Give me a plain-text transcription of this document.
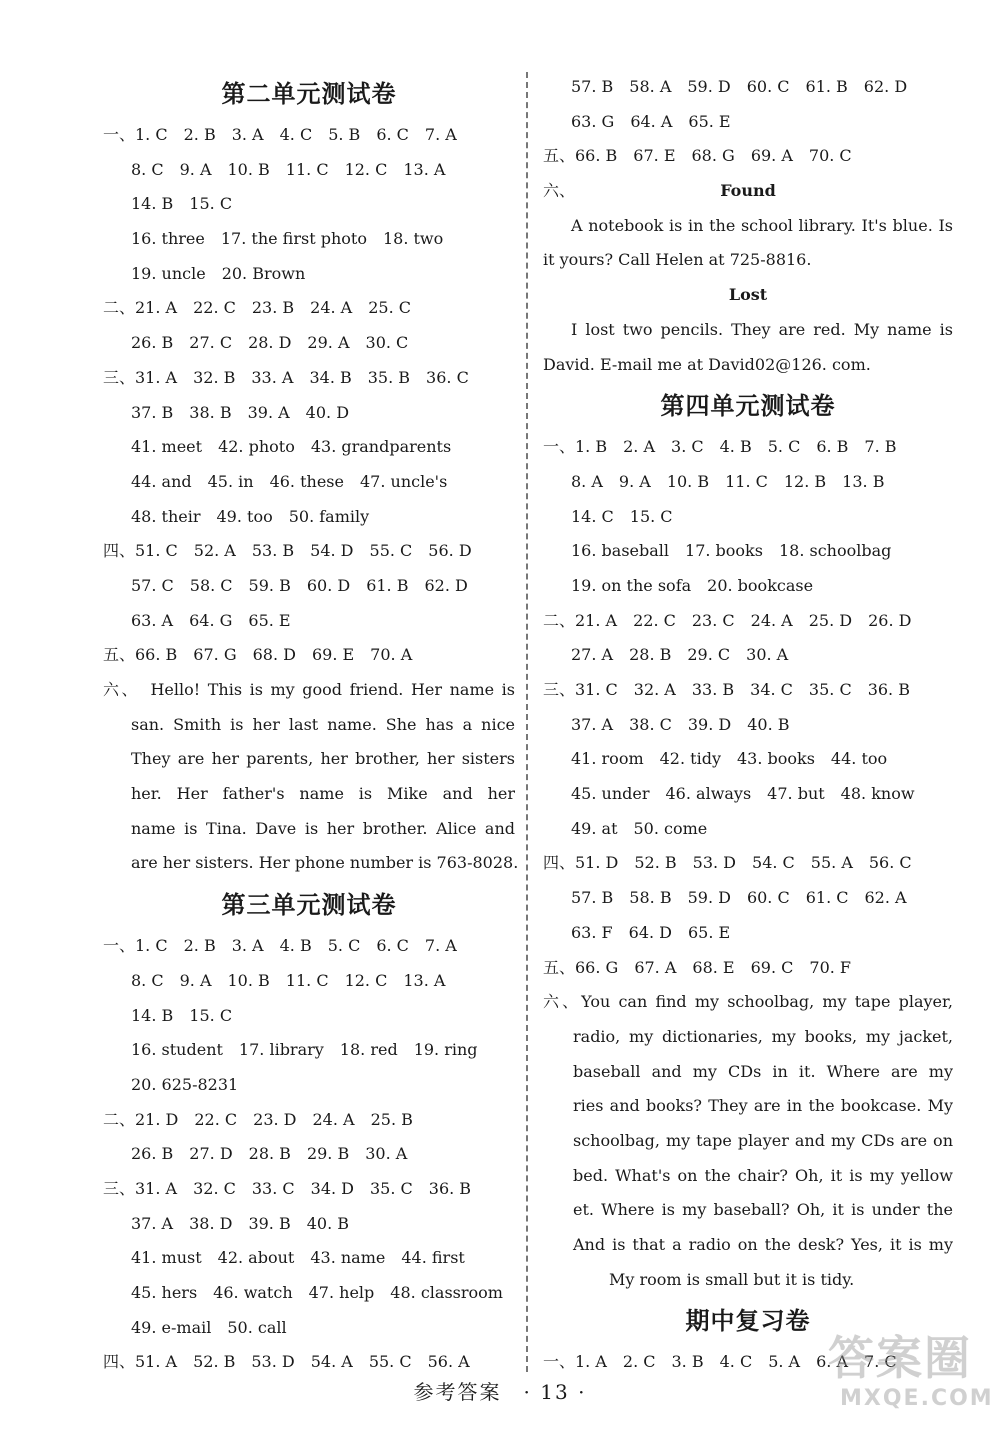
第二单元测试卷
一、1. C　2. B　3. A　4. C　5. B　6. C　7. A
8. C　9. A　10. B　11. C　12. C　13. A
14. B　15. C
16. three　17. the first photo　18. two
19. uncle　20. Brown
二、21. A　22. C　23. B　24. A　25. C
26. B　27. C　28. D　29. A　30. C
三、31. A　32. B　33. A　34. B　35. B　36. C
37. B　38. B　39. A　40. D
41. meet　42. photo　43. grandparents
44. and　45. in　46. these　47. uncle's
48. their　49. too　50. family
四、51. C　52. A　53. B　54. D　55. C　56. D
57. C　58. C　59. B　60. D　61. B　62. D
63. A　64. G　65. E
五、66. B　67. G　68. D　69. E　70. A
六、　Hello! This is my good friend. Her name is
san. Smith is her last name. She has a nice
They are her parents, her brother, her sisters
her. Her father's name is Mike and her
name is Tina. Dave is her brother. Alice and
are her sisters. Her phone number is 763-8028.
第三单元测试卷
一、1. C　2. B　3. A　4. B　5. C　6. C　7. A
8. C　9. A　10. B　11. C　12. C　13. A
14. B　15. C
16. student　17. library　18. red　19. ring
20. 625-8231
二、21. D　22. C　23. D　24. A　25. B
26. B　27. D　28. B　29. B　30. A
三、31. A　32. C　33. C　34. D　35. C　36. B
37. A　38. D　39. B　40. B
41. must　42. about　43. name　44. first
45. hers　46. watch　47. help　48. classroom
49. e-mail　50. call
四、51. A　52. B　53. D　54. A　55. C　56. A
57. B　58. A　59. D　60. C　61. B　62. D
63. G　64. A　65. E
五、66. B　67. E　68. G　69. A　70. C
六、	Found
A notebook is in the school library. It's blue. Is
it yours? Call Helen at 725-8816.
Lost
I lost two pencils. They are red. My name is
David. E-mail me at David02@126. com.
第四单元测试卷
一、1. B　2. A　3. C　4. B　5. C　6. B　7. B
8. A　9. A　10. B　11. C　12. B　13. B
14. C　15. C
16. baseball　17. books　18. schoolbag
19. on the sofa　20. bookcase
二、21. A　22. C　23. C　24. A　25. D　26. D
27. A　28. B　29. C　30. A
三、31. C　32. A　33. B　34. C　35. C　36. B
37. A　38. C　39. D　40. B
41. room　42. tidy　43. books　44. too
45. under　46. always　47. but　48. know
49. at　50. come
四、51. D　52. B　53. D　54. C　55. A　56. C
57. B　58. B　59. D　60. C　61. C　62. A
63. F　64. D　65. E
五、66. G　67. A　68. E　69. C　70. F
六、You can find my schoolbag, my tape player,
radio, my dictionaries, my books, my jacket,
baseball and my CDs in it. Where are my
ries and books? They are in the bookcase. My
schoolbag, my tape player and my CDs are on
bed. What's on the chair? Oh, it is my yellow
et. Where is my baseball? Oh, it is under the
And is that a radio on the desk? Yes, it is my
My room is small but it is tidy.
期中复习卷
一、1. A　2. C　3. B　4. C　5. A　6. A　7. C
参考答案　· 13 ·
答案圈
MXQE.COM
